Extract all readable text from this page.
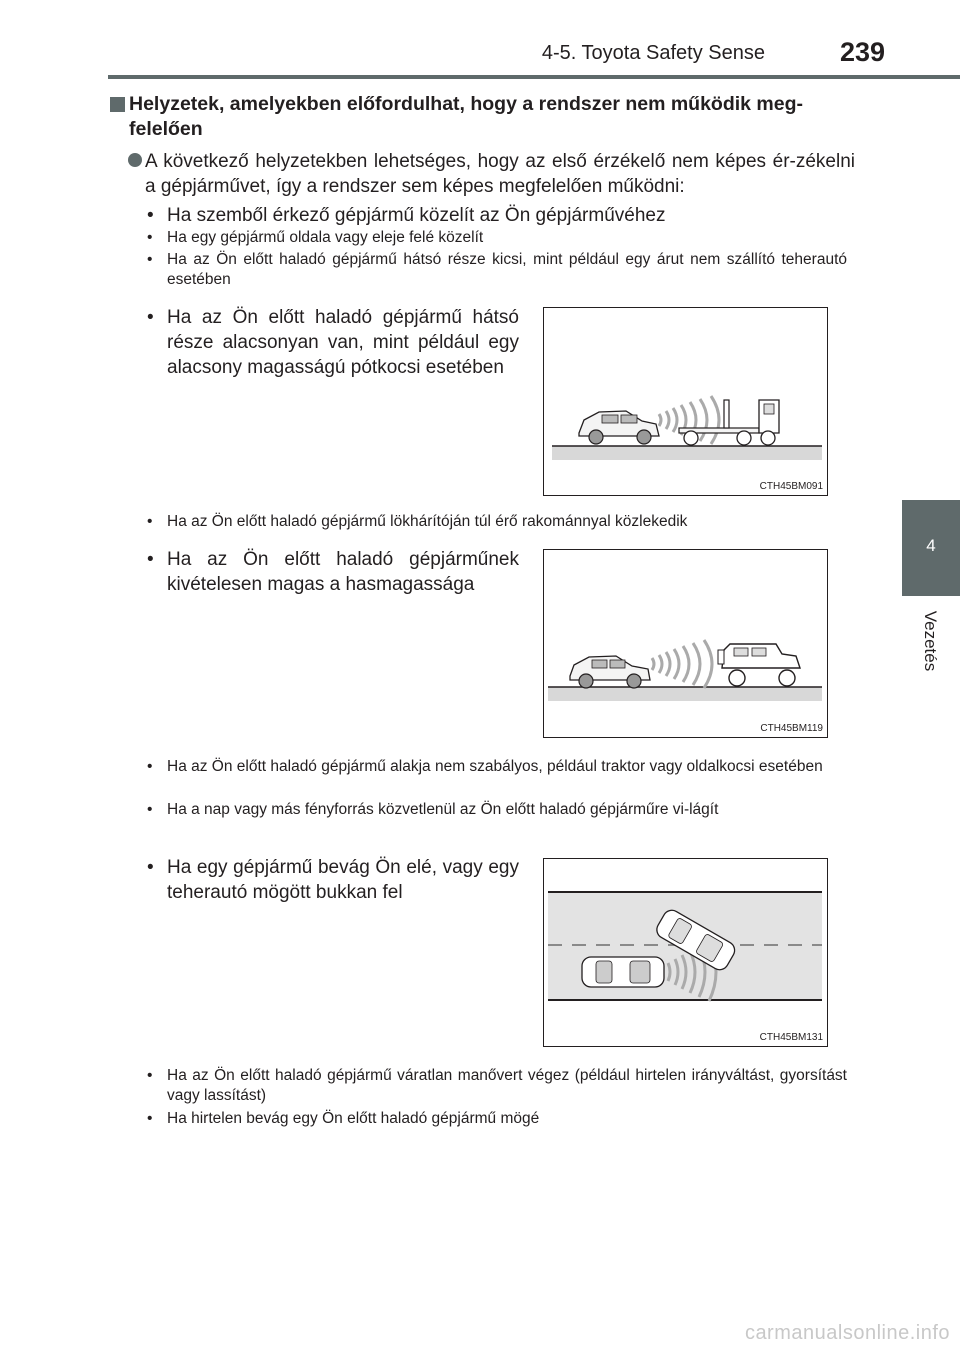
4-5. Toyota Safety Sense	239
4
Vezetés
Helyzetek, amelyekben előfordulhat, hogy a rendszer nem működik meg-felelően
A következő helyzetekben lehetséges, hogy az első érzékelő nem képes ér-zékelni a gépjárművet, így a rendszer sem képes megfelelően működni:
• Ha szemből érkező gépjármű közelít az Ön gépjárművéhez
• Ha egy gépjármű oldala vagy eleje felé közelít
• Ha az Ön előtt haladó gépjármű hátsó része kicsi, mint például egy árut nem szállító teherautó esetében
• Ha az Ön előtt haladó gépjármű hátsó része alacsonyan van, mint például egy alacsony magasságú pótkocsi esetében
CTH45BM091
• Ha az Ön előtt haladó gépjármű lökhárítóján túl érő rakománnyal közlekedik
• Ha az Ön előtt haladó gépjárműnek kivételesen magas a hasmagassága
CTH45BM119
• Ha az Ön előtt haladó gépjármű alakja nem szabályos, például traktor vagy oldalkocsi esetében
• Ha a nap vagy más fényforrás közvetlenül az Ön előtt haladó gépjárműre vi-lágít
• Ha egy gépjármű bevág Ön elé, vagy egy teherautó mögött bukkan fel
CTH45BM131
• Ha az Ön előtt haladó gépjármű váratlan manővert végez (például hirtelen irányváltást, gyorsítást vagy lassítást)
• Ha hirtelen bevág egy Ön előtt haladó gépjármű mögé
carmanualsonline.info
